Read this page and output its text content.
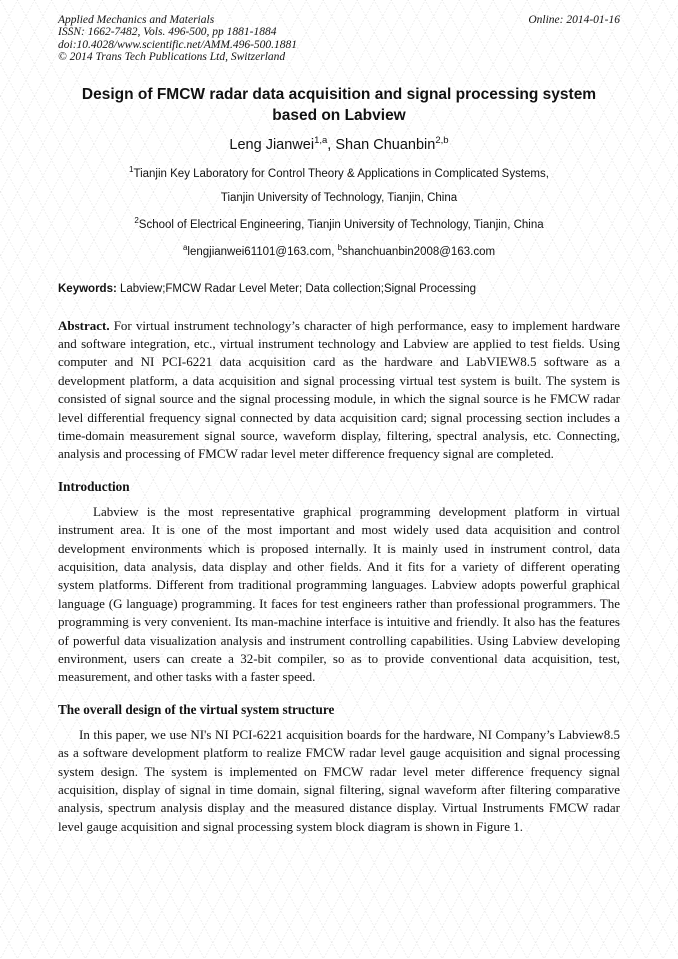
Applied Mechanics and Materials
ISSN: 1662-7482, Vols. 496-500, pp 1881-1884
doi:10.4028/www.scientific.net/AMM.496-500.1881
© 2014 Trans Tech Publications Ltd, Switzerland
Online: 2014-01-16
Design of FMCW radar data acquisition and signal processing system based on Labview
Leng Jianwei$^{1,a}$, Shan Chuanbin$^{2,b}$
$^1$Tianjin Key Laboratory for Control Theory & Applications in Complicated Systems,
Tianjin University of Technology, Tianjin, China
$^2$School of Electrical Engineering, Tianjin University of Technology, Tianjin, China
$^a$lengjianwei61101@163.com, $^b$shanchuanbin2008@163.com
Keywords: Labview;FMCW Radar Level Meter; Data collection;Signal Processing

Abstract. For virtual instrument technology’s character of high performance, easy to implement hardware and software integration, etc., virtual instrument technology and Labview are applied to test fields. Using computer and NI PCI-6221 data acquisition card as the hardware and LabVIEW8.5 software as a development platform, a data acquisition and signal processing virtual test system is built. The system is consisted of signal source and the signal processing module, in which the signal source is he FMCW radar level differential frequency signal connected by data acquisition card; signal processing section includes a time-domain measurement signal source, waveform display, filtering, spectral analysis, etc. Connecting, analysis and processing of FMCW radar level meter difference frequency signal are completed.

Introduction

Labview is the most representative graphical programming development platform in virtual instrument area. It is one of the most important and most widely used data acquisition and control development environments which is proposed internally. It is mainly used in instrument control, data acquisition, data analysis, data display and other fields. And it fits for a variety of different operating system platforms. Different from traditional programming languages. Labview adopts powerful graphical language (G language) programming. It faces for test engineers rather than professional programmers. The programming is very convenient. Its man-machine interface is intuitive and friendly. It also has the features of powerful data visualization analysis and instrument controlling capabilities. Using Labview developing environment, users can create a 32-bit compiler, so as to provide conventional data acquisition, test, measurement, and other tasks with a faster speed.

The overall design of the virtual system structure

In this paper, we use NI's NI PCI-6221 acquisition boards for the hardware, NI Company’s Labview8.5 as a software development platform to realize FMCW radar level gauge acquisition and signal processing system design. The system is implemented on FMCW radar level meter difference frequency signal acquisition, display of signal in time domain, signal filtering, signal waveform after filtering comparative analysis, spectrum analysis display and the measured distance display. Virtual Instruments FMCW radar level gauge acquisition and signal processing system block diagram is shown in Figure 1.
